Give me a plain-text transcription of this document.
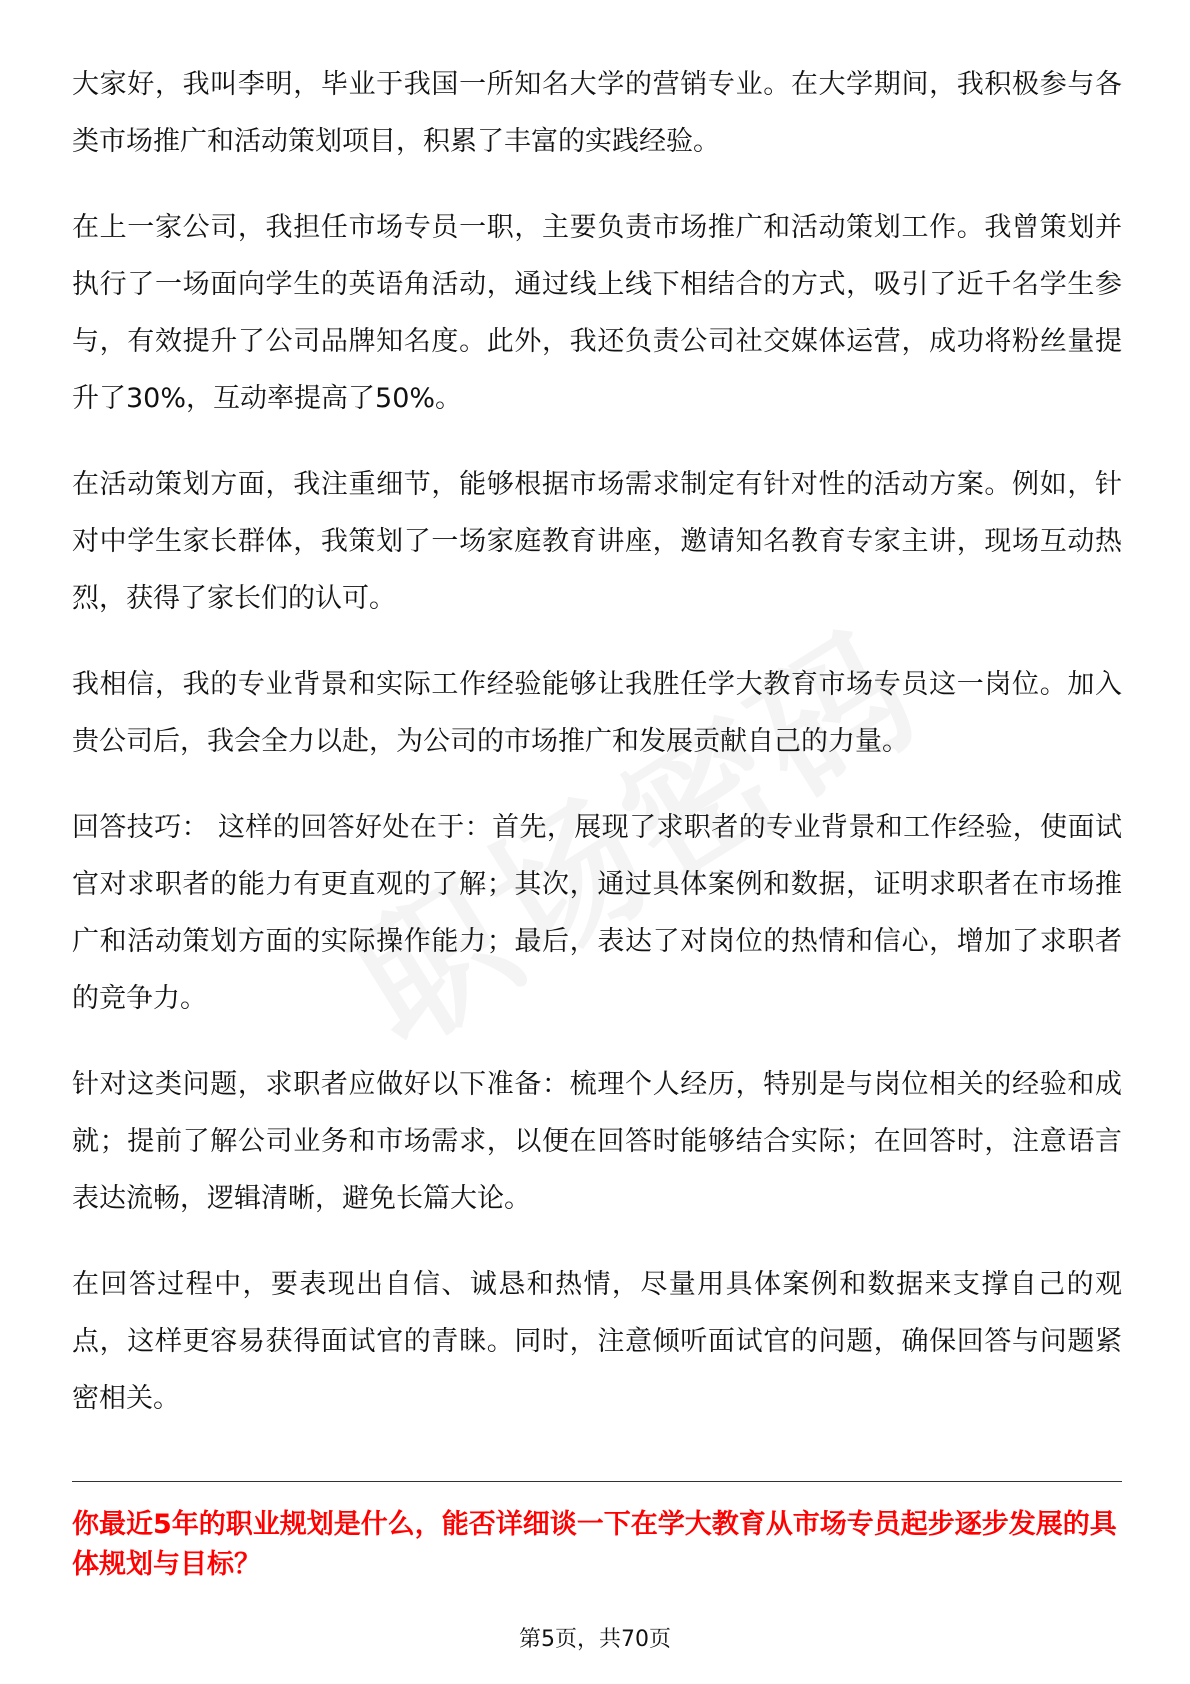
大家好，我叫李明，毕业于我国一所知名大学的营销专业。在大学期间，我积极参与各类市场推广和活动策划项目，积累了丰富的实践经验。

在上一家公司，我担任市场专员一职，主要负责市场推广和活动策划工作。我曾策划并执行了一场面向学生的英语角活动，通过线上线下相结合的方式，吸引了近千名学生参与，有效提升了公司品牌知名度。此外，我还负责公司社交媒体运营，成功将粉丝量提升了30%，互动率提高了50%。

在活动策划方面，我注重细节，能够根据市场需求制定有针对性的活动方案。例如，针对中学生家长群体，我策划了一场家庭教育讲座，邀请知名教育专家主讲，现场互动热烈，获得了家长们的认可。

我相信，我的专业背景和实际工作经验能够让我胜任学大教育市场专员这一岗位。加入贵公司后，我会全力以赴，为公司的市场推广和发展贡献自己的力量。

回答技巧： 这样的回答好处在于：首先，展现了求职者的专业背景和工作经验，使面试官对求职者的能力有更直观的了解；其次，通过具体案例和数据，证明求职者在市场推广和活动策划方面的实际操作能力；最后，表达了对岗位的热情和信心，增加了求职者的竞争力。

针对这类问题，求职者应做好以下准备：梳理个人经历，特别是与岗位相关的经验和成就；提前了解公司业务和市场需求，以便在回答时能够结合实际；在回答时，注意语言表达流畅，逻辑清晰，避免长篇大论。

在回答过程中，要表现出自信、诚恳和热情，尽量用具体案例和数据来支撑自己的观点，这样更容易获得面试官的青睐。同时，注意倾听面试官的问题，确保回答与问题紧密相关。

你最近5年的职业规划是什么，能否详细谈一下在学大教育从市场专员起步逐步发展的具体规划与目标？
第5页，共70页
